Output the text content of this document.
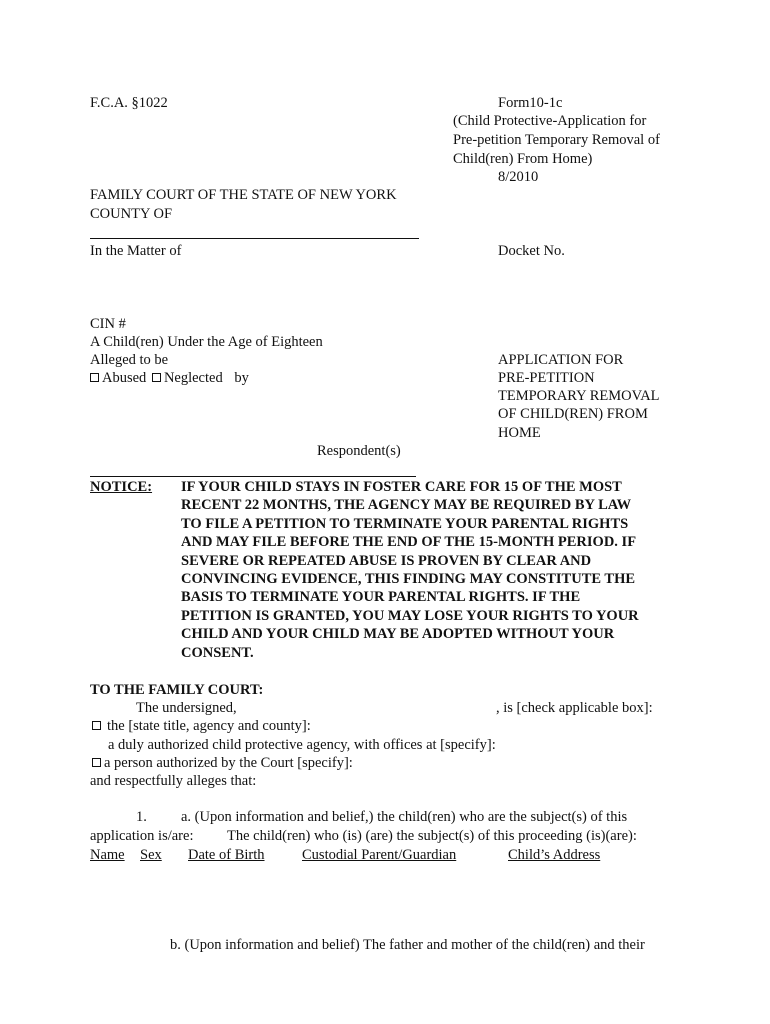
F.C.A. §1022	Form10-1c
(Child Protective-Application for
Pre-petition Temporary Removal of
Child(ren) From Home)
8/2010
FAMILY COURT OF THE STATE OF NEW YORK
COUNTY OF
In the Matter of	Docket No.
CIN #
A Child(ren) Under the Age of Eighteen
Alleged to be
Abused Neglected by
APPLICATION FOR
PRE-PETITION
TEMPORARY REMOVAL
OF CHILD(REN) FROM
HOME
Respondent(s)
NOTICE: IF YOUR CHILD STAYS IN FOSTER CARE FOR 15 OF THE MOST
RECENT 22 MONTHS, THE AGENCY MAY BE REQUIRED BY LAW
TO FILE A PETITION TO TERMINATE YOUR PARENTAL RIGHTS
AND MAY FILE BEFORE THE END OF THE 15-MONTH PERIOD. IF
SEVERE OR REPEATED ABUSE IS PROVEN BY CLEAR AND
CONVINCING EVIDENCE, THIS FINDING MAY CONSTITUTE THE
BASIS TO TERMINATE YOUR PARENTAL RIGHTS. IF THE
PETITION IS GRANTED, YOU MAY LOSE YOUR RIGHTS TO YOUR
CHILD AND YOUR CHILD MAY BE ADOPTED WITHOUT YOUR
CONSENT.
TO THE FAMILY COURT:
The undersigned,	, is [check applicable box]:
the [state title, agency and county]:
a duly authorized child protective agency, with offices at [specify]:
a person authorized by the Court [specify]:
and respectfully alleges that:
1. a. (Upon information and belief,) the child(ren) who are the subject(s) of this
application is/are: The child(ren) who (is) (are) the subject(s) of this proceeding (is)(are):
Name Sex Date of Birth	Custodial Parent/Guardian	Child’s Address
b. (Upon information and belief) The father and mother of the child(ren) and their
